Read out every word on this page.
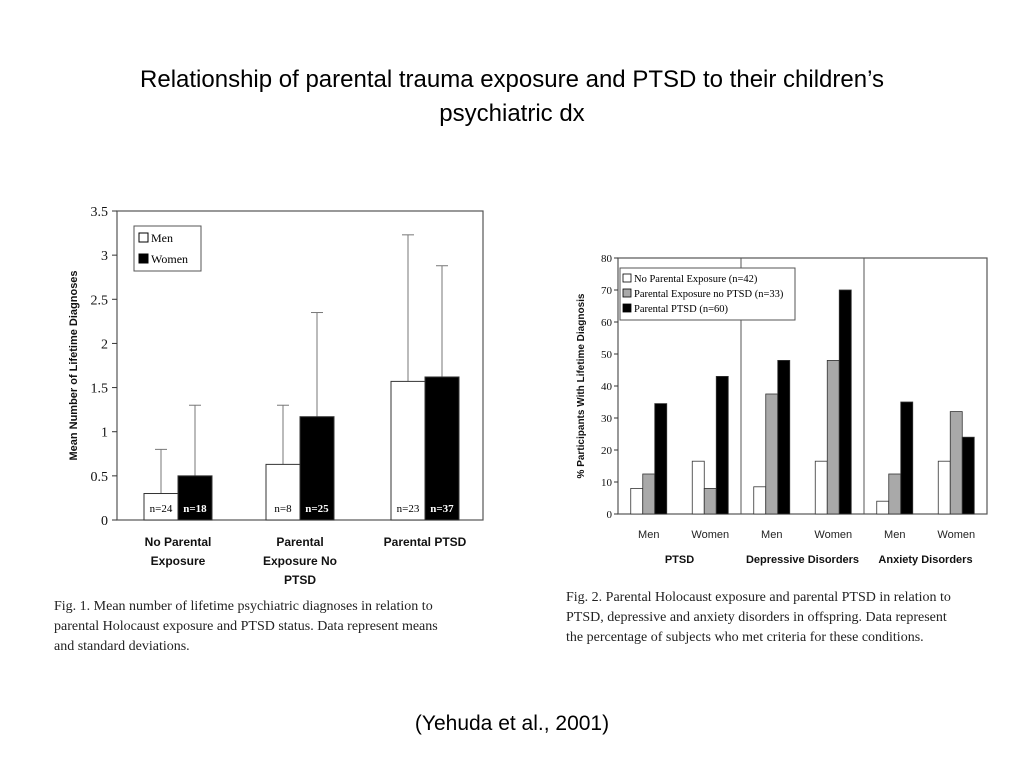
Relationship of parental trauma exposure and PTSD to their children’s
psychiatric dx
0
0.5
1
1.5
2
2.5
3
3.5
Mean Number of Lifetime Diagnoses
Men
Women
n=24 n=18
No Parental
Exposure
n=8 n=25
Parental
Exposure No
PTSD
n=23 n=37
Parental PTSD
Fig. 1. Mean number of lifetime psychiatric diagnoses in relation to
parental Holocaust exposure and PTSD status. Data represent means
and standard deviations.
0
10
20
30
40
50
60
70
80
% Participants With Lifetime Diagnosis
No Parental Exposure (n=42)
Parental Exposure no PTSD (n=33)
Parental PTSD (n=60)
Men	Women
PTSD
Men	Women
Depressive Disorders
Men	Women
Anxiety Disorders
Fig. 2. Parental Holocaust exposure and parental PTSD in relation to
PTSD, depressive and anxiety disorders in offspring. Data represent
the percentage of subjects who met criteria for these conditions.
(Yehuda et al., 2001)
